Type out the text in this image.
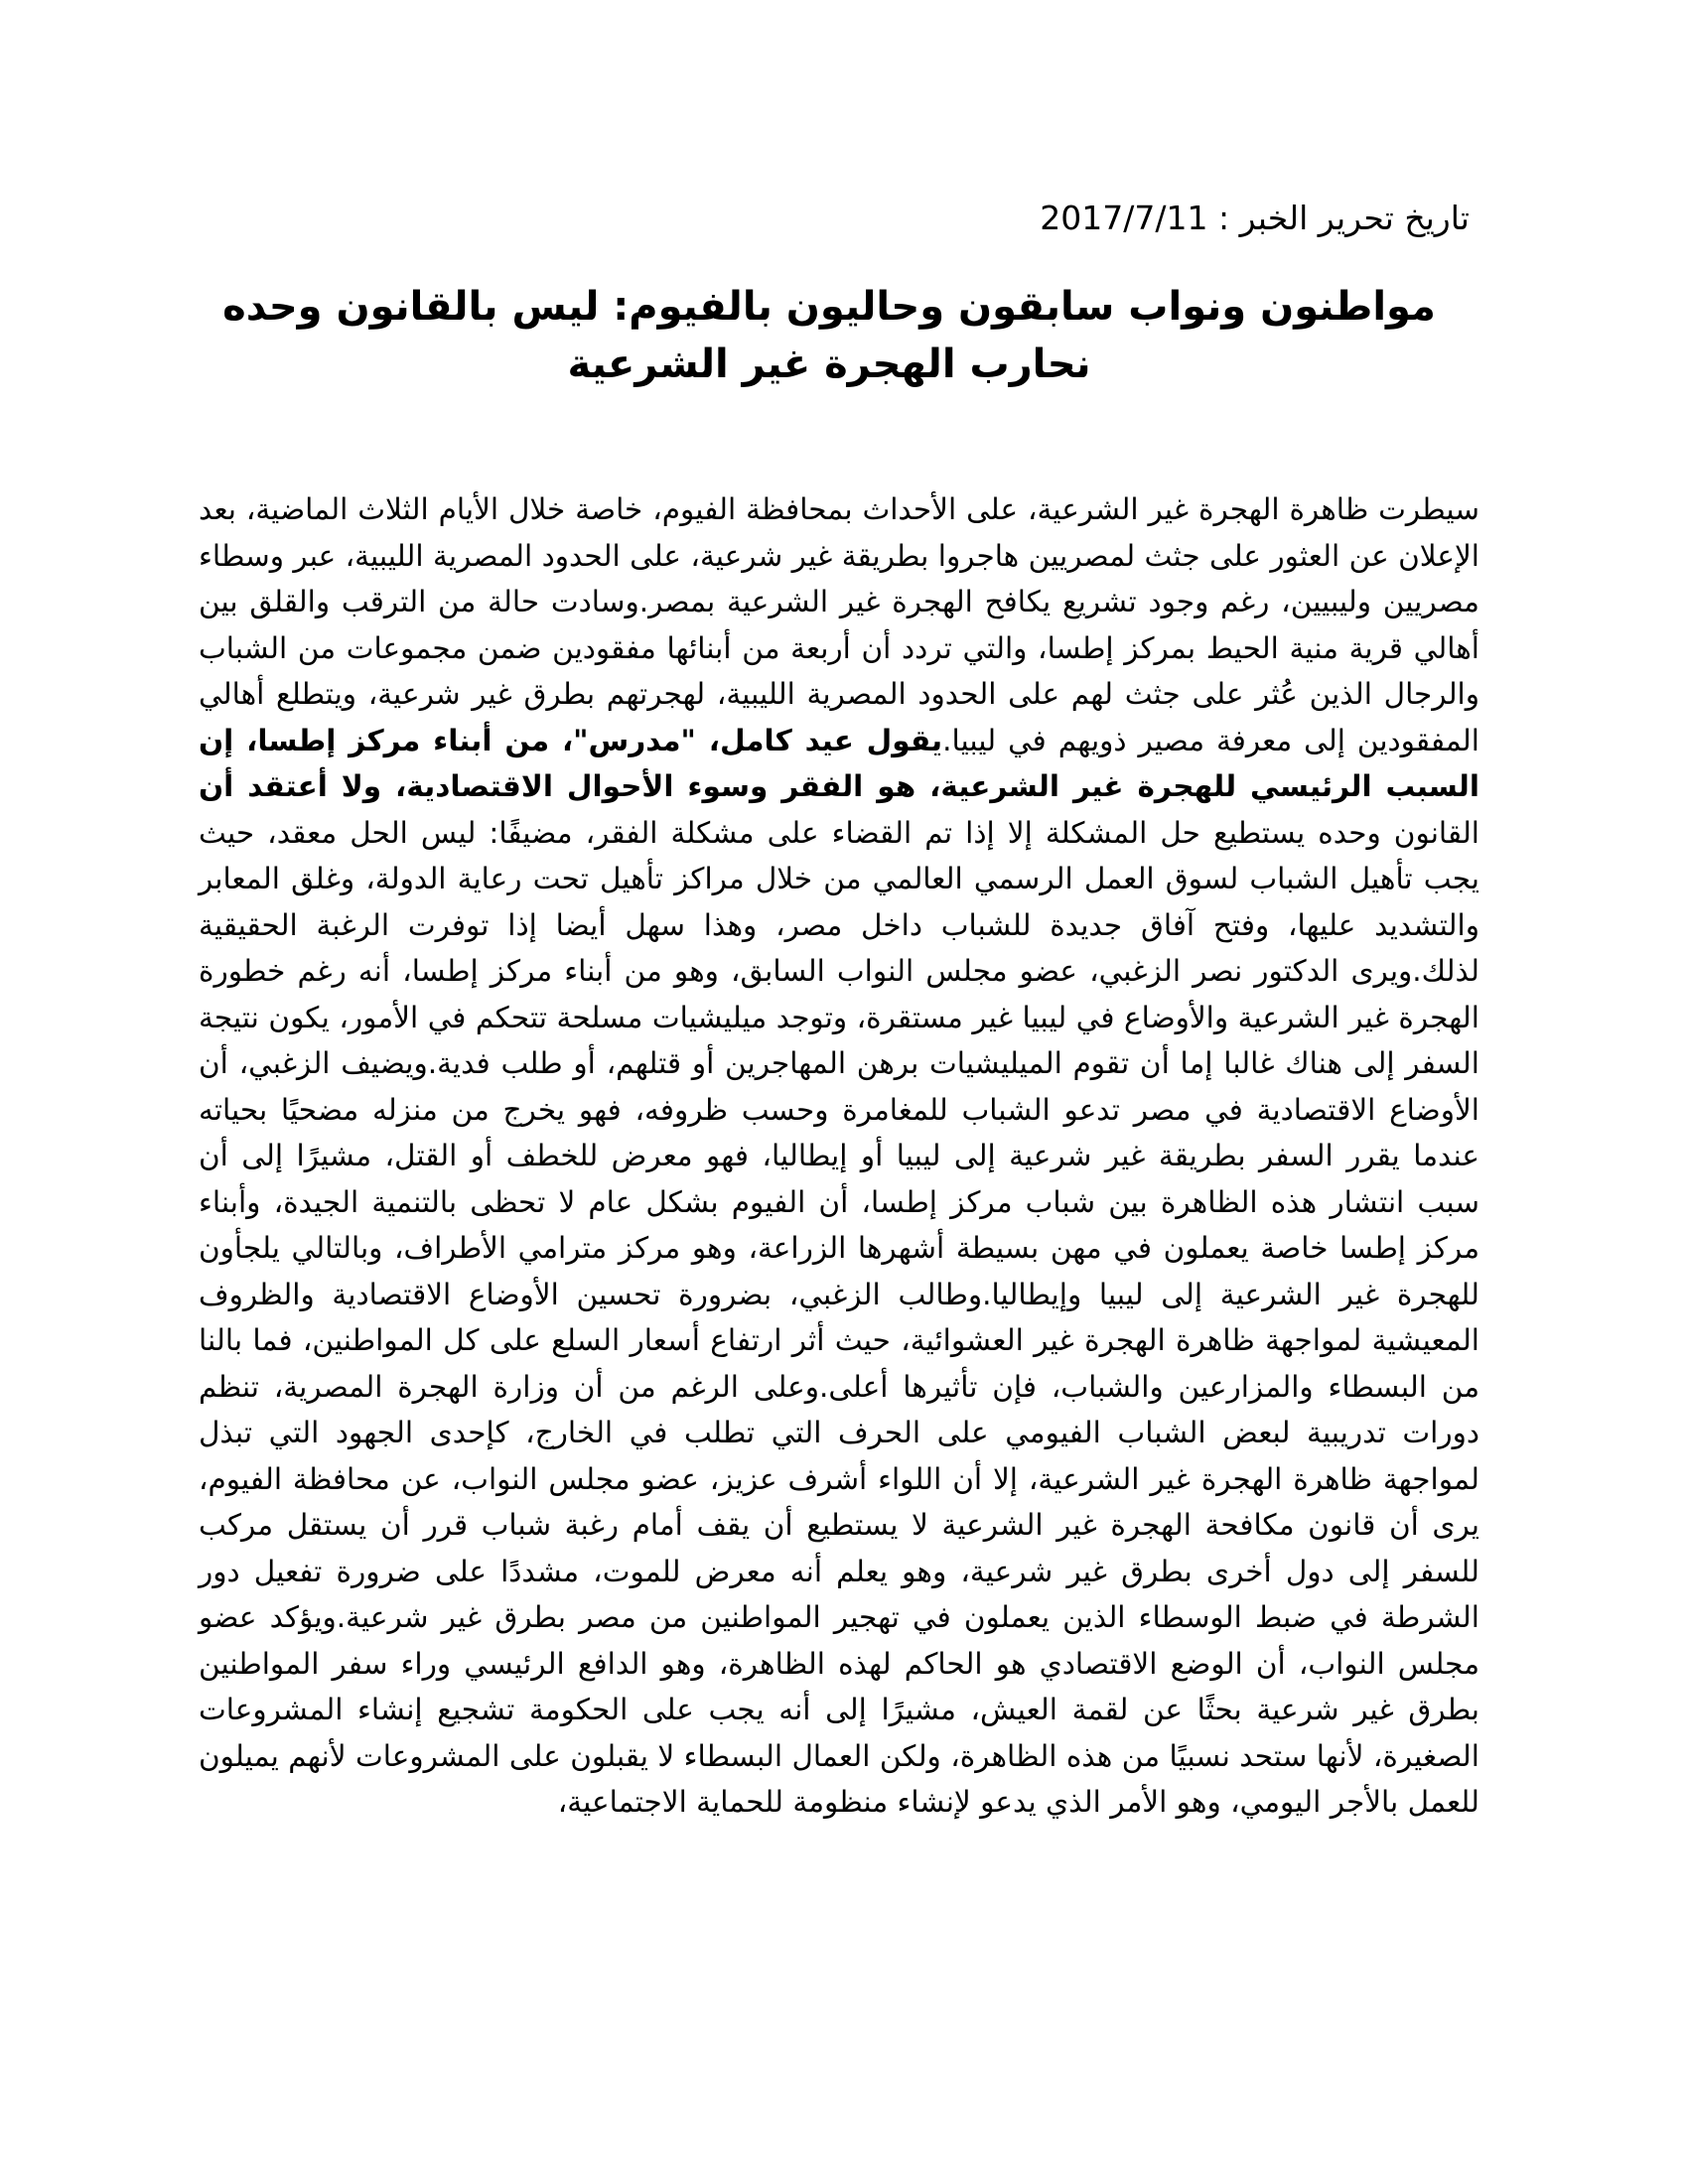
تاريخ تحرير الخبر : 2017/7/11
مواطنون ونواب سابقون وحاليون بالفيوم: ليس بالقانون وحده نحارب الهجرة غير الشرعية

سيطرت ظاهرة الهجرة غير الشرعية، على الأحداث بمحافظة الفيوم، خاصة خلال الأيام الثلاث الماضية، بعد الإعلان عن العثور على جثث لمصريين هاجروا بطريقة غير شرعية، على الحدود المصرية الليبية، عبر وسطاء مصريين وليبيين، رغم وجود تشريع يكافح الهجرة غير الشرعية بمصر.وسادت حالة من الترقب والقلق بين أهالي قرية منية الحيط بمركز إطسا، والتي تردد أن أربعة من أبنائها مفقودين ضمن مجموعات من الشباب والرجال الذين عُثر على جثث لهم على الحدود المصرية الليبية، لهجرتهم بطرق غير شرعية، ويتطلع أهالي المفقودين إلى معرفة مصير ذويهم في ليبيا.يقول عيد كامل، "مدرس"، من أبناء مركز إطسا، إن السبب الرئيسي للهجرة غير الشرعية، هو الفقر وسوء الأحوال الاقتصادية، ولا أعتقد أن القانون وحده يستطيع حل المشكلة إلا إذا تم القضاء على مشكلة الفقر، مضيفًا: ليس الحل معقد، حيث يجب تأهيل الشباب لسوق العمل الرسمي العالمي من خلال مراكز تأهيل تحت رعاية الدولة، وغلق المعابر والتشديد عليها، وفتح آفاق جديدة للشباب داخل مصر، وهذا سهل أيضا إذا توفرت الرغبة الحقيقية لذلك.ويرى الدكتور نصر الزغبي، عضو مجلس النواب السابق، وهو من أبناء مركز إطسا، أنه رغم خطورة الهجرة غير الشرعية والأوضاع في ليبيا غير مستقرة، وتوجد ميليشيات مسلحة تتحكم في الأمور، يكون نتيجة السفر إلى هناك غالبا إما أن تقوم الميليشيات برهن المهاجرين أو قتلهم، أو طلب فدية.ويضيف الزغبي، أن الأوضاع الاقتصادية في مصر تدعو الشباب للمغامرة وحسب ظروفه، فهو يخرج من منزله مضحيًا بحياته عندما يقرر السفر بطريقة غير شرعية إلى ليبيا أو إيطاليا، فهو معرض للخطف أو القتل، مشيرًا إلى أن سبب انتشار هذه الظاهرة بين شباب مركز إطسا، أن الفيوم بشكل عام لا تحظى بالتنمية الجيدة، وأبناء مركز إطسا خاصة يعملون في مهن بسيطة أشهرها الزراعة، وهو مركز مترامي الأطراف، وبالتالي يلجأون للهجرة غير الشرعية إلى ليبيا وإيطاليا.وطالب الزغبي، بضرورة تحسين الأوضاع الاقتصادية والظروف المعيشية لمواجهة ظاهرة الهجرة غير العشوائية، حيث أثر ارتفاع أسعار السلع على كل المواطنين، فما بالنا من البسطاء والمزارعين والشباب، فإن تأثيرها أعلى.وعلى الرغم من أن وزارة الهجرة المصرية، تنظم دورات تدريبية لبعض الشباب الفيومي على الحرف التي تطلب في الخارج، كإحدى الجهود التي تبذل لمواجهة ظاهرة الهجرة غير الشرعية، إلا أن اللواء أشرف عزيز، عضو مجلس النواب، عن محافظة الفيوم، يرى أن قانون مكافحة الهجرة غير الشرعية لا يستطيع أن يقف أمام رغبة شباب قرر أن يستقل مركب للسفر إلى دول أخرى بطرق غير شرعية، وهو يعلم أنه معرض للموت، مشددًا على ضرورة تفعيل دور الشرطة في ضبط الوسطاء الذين يعملون في تهجير المواطنين من مصر بطرق غير شرعية.ويؤكد عضو مجلس النواب، أن الوضع الاقتصادي هو الحاكم لهذه الظاهرة، وهو الدافع الرئيسي وراء سفر المواطنين بطرق غير شرعية بحثًا عن لقمة العيش، مشيرًا إلى أنه يجب على الحكومة تشجيع إنشاء المشروعات الصغيرة، لأنها ستحد نسبيًا من هذه الظاهرة، ولكن العمال البسطاء لا يقبلون على المشروعات لأنهم يميلون للعمل بالأجر اليومي، وهو الأمر الذي يدعو لإنشاء منظومة للحماية الاجتماعية،
